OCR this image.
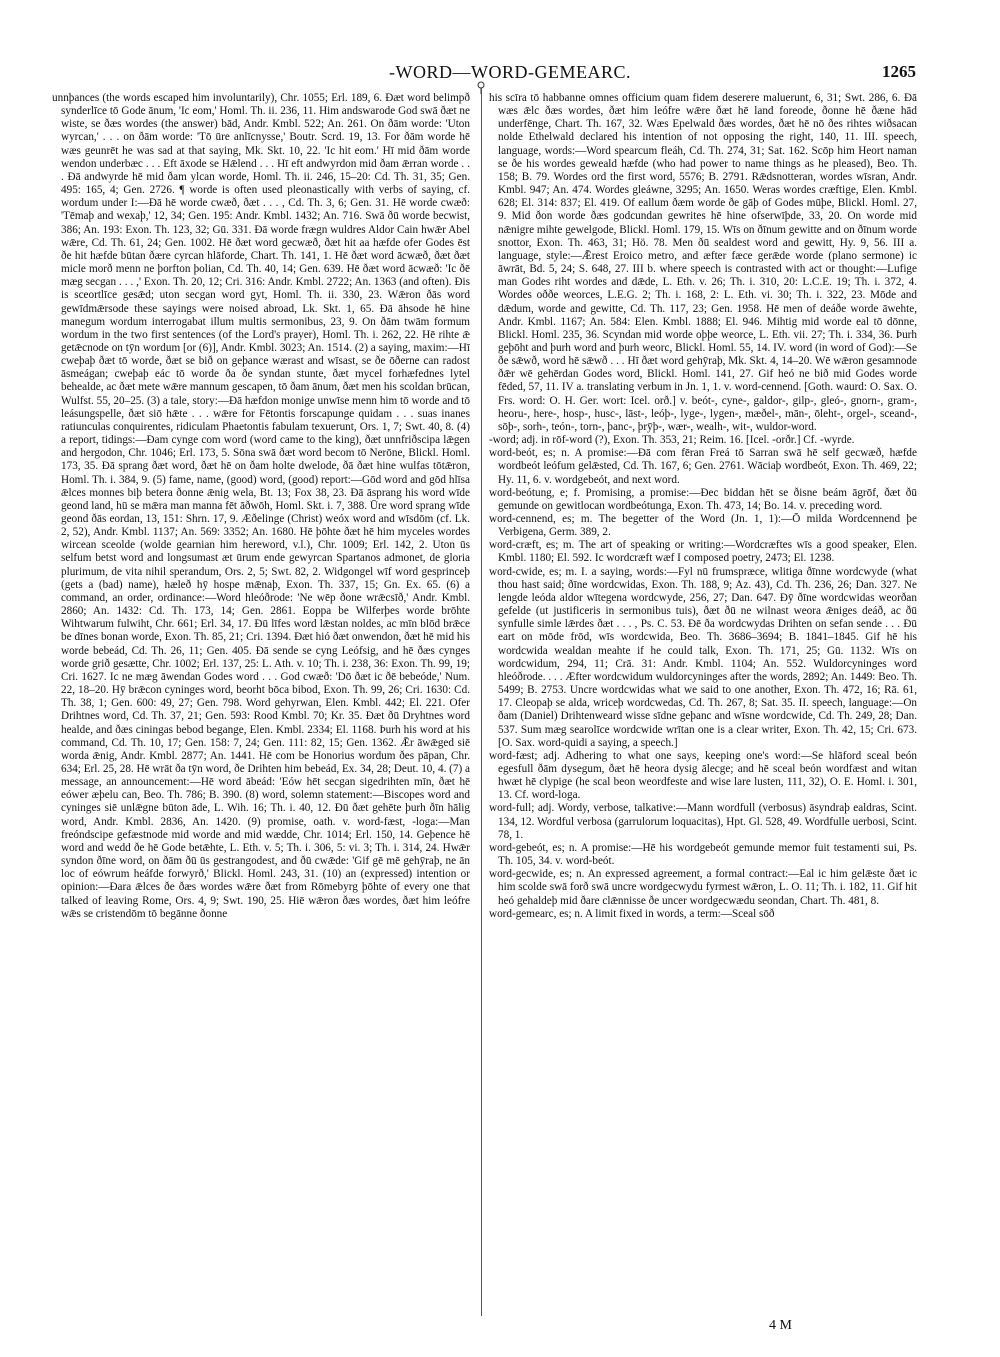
-WORD—WORD-GEMEARC.	1265

unnþances (the words escaped him involuntarily), Chr. 1055; Erl. 189, 6. Ðæt word belimpð synderlīce tō Gode ānum, 'Ic eom,' Homl. Th. ii. 236, 11. Him andswarode God swā ðæt ne wiste, se ðæs wordes (the answer) bād, Andr. Kmbl. 522; An. 261. On ðām worde: 'Uton wyrcan,' . . . on ðām worde: 'Tō ūre anlīcnysse,' Boutr. Scrd. 19, 13. For ðām worde hē wæs geunrēt he was sad at that saying, Mk. Skt. 10, 22. 'Ic hit eom.' Hī mid ðām worde wendon underbæc . . . Eft āxode se Hǣlend . . . Hī eft andwyrdon mid ðam ǣrran worde . . . Ðā andwyrde hē mid ðam ylcan worde, Homl. Th. ii. 246, 15–20: Cd. Th. 31, 35; Gen. 495: 165, 4; Gen. 2726. ¶ worde is often used pleonastically with verbs of saying, cf. wordum under I:—Ðā hē worde cwæð, ðæt . . . , Cd. Th. 3, 6; Gen. 31. Hē worde cwæð: 'Tēmaþ and wexaþ,' 12, 34; Gen. 195: Andr. Kmbl. 1432; An. 716. Swā ðū worde becwist, 386; An. 193: Exon. Th. 123, 32; Gū. 331. Ðā worde frægn wuldres Aldor Cain hwǣr Abel wǣre, Cd. Th. 61, 24; Gen. 1002. Hē ðæt word gecwæð, ðæt hit aa hæfde ofer Godes ēst ðe hit hæfde būtan ðære cyrcan hlāforde, Chart. Th. 141, 1. Hē ðæt word ācwæð, ðæt ðæt micle morð menn ne þorfton þolian, Cd. Th. 40, 14; Gen. 639. Hē ðæt word ācwæð: 'Ic ðē mæg secgan . . . ,' Exon. Th. 20, 12; Cri. 316: Andr. Kmbl. 2722; An. 1363 (and often). Ðis is sceortlīce gesǣd; uton secgan word gyt, Homl. Th. ii. 330, 23. Wǣron ðās word gewīdmǣrsode these sayings were noised abroad, Lk. Skt. 1, 65. Ðā āhsode hē hine manegum wordum interrogabat illum multis sermonibus, 23, 9. On ðām twām formum wordum in the two first sentences (of the Lord's prayer), Homl. Th. i. 262, 22. Hē rihte ǣ getǣcnode on tȳn wordum [or (6)], Andr. Kmbl. 3023; An. 1514. (2) a saying, maxim:—Hī cweþaþ ðæt tō worde, ðæt se bið on geþance wærast and wīsast, se ðe ōðerne can radost āsmeágan; cweþaþ eác tō worde ða ðe syndan stunte, ðæt mycel forhæfednes lytel behealde, ac ðæt mete wǣre mannum gescapen, tō ðam ānum, ðæt men his scoldan brūcan, Wulfst. 55, 20–25. (3) a tale, story:—Ðā hæfdon monige unwīse menn him tō worde and tō leásungspelle, ðæt siō hǣte . . . wǣre for Fētontis forscapunge quidam . . . suas inanes ratiunculas conquirentes, ridiculam Phaetontis fabulam texuerunt, Ors. 1, 7; Swt. 40, 8. (4) a report, tidings:—Ðam cynge com word (word came to the king), ðæt unnfriðscipa lǣgen and hergodon, Chr. 1046; Erl. 173, 5. Sōna swā ðæt word becom tō Nerōne, Blickl. Homl. 173, 35. Ðā sprang ðæt word, ðæt hē on ðam holte dwelode, ðā ðæt hine wulfas tōtǣron, Homl. Th. i. 384, 9. (5) fame, name, (good) word, (good) report:—Gōd word and gōd hlīsa ǣlces monnes biþ betera ðonne ǣnig wela, Bt. 13; Fox 38, 23. Ðā āsprang his word wīde geond land, hū se mǣra man manna fēt āðwōh, Homl. Skt. i. 7, 388. Ūre word sprang wīde geond ðās eordan, 13, 151: Shrn. 17, 9. Æðelinge (Christ) weóx word and wīsdōm (cf. Lk. 2, 52), Andr. Kmbl. 1137; An. 569: 3352; An. 1680. Hē þōhte ðæt hē him myceles wordes wircean sceolde (wolde gearnian him hereword, v.l.), Chr. 1009; Erl. 142, 2. Uton ūs selfum betst word and longsumast æt ūrum ende gewyrcan Spartanos admonet, de gloria plurimum, de vita nihil sperandum, Ors. 2, 5; Swt. 82, 2. Widgongel wīf word gesprinceþ (gets a (bad) name), hæleð hȳ hospe mǣnaþ, Exon. Th. 337, 15; Gn. Ex. 65. (6) a command, an order, ordinance:—Word hleóðrode: 'Ne wēp ðone wrǣcsīð,' Andr. Kmbl. 2860; An. 1432: Cd. Th. 173, 14; Gen. 2861. Eoppa be Wilferþes worde brōhte Wihtwarum fulwiht, Chr. 661; Erl. 34, 17. Ðū līfes word lǣstan noldes, ac mīn blōd brǣce be dīnes bonan worde, Exon. Th. 85, 21; Cri. 1394. Ðæt hió ðæt onwendon, ðæt hē mid his worde bebeád, Cd. Th. 26, 11; Gen. 405. Ðā sende se cyng Leófsig, and hē ðæs cynges worde grið gesætte, Chr. 1002; Erl. 137, 25: L. Ath. v. 10; Th. i. 238, 36: Exon. Th. 99, 19; Cri. 1627. Ic ne mæg āwendan Godes word . . . God cwæð: 'Dō ðæt ic ðē bebeóde,' Num. 22, 18–20. Hȳ brǣcon cyninges word, beorht bōca bibod, Exon. Th. 99, 26; Cri. 1630: Cd. Th. 38, 1; Gen. 600: 49, 27; Gen. 798. Word gehyrwan, Elen. Kmbl. 442; El. 221. Ofer Drihtnes word, Cd. Th. 37, 21; Gen. 593: Rood Kmbl. 70; Kr. 35. Ðæt ðū Dryhtnes word healde, and ðæs ciningas bebod begange, Elen. Kmbl. 2334; El. 1168. Þurh his word at his command, Cd. Th. 10, 17; Gen. 158: 7, 24; Gen. 111: 82, 15; Gen. 1362. Ǣr āwǣged siē worda ǣnig, Andr. Kmbl. 2877; An. 1441. Hē com be Honorius wordum ðes pāpan, Chr. 634; Erl. 25, 28. Hē wrāt ða tȳn word, ðe Drihten him bebeád, Ex. 34, 28; Deut. 10, 4. (7) a message, an announcement:—Hē word ābeád: 'Eów hēt secgan sigedrihten mīn, ðæt hē eówer æþelu can, Beo. Th. 786; B. 390. (8) word, solemn statement:—Biscopes word and cyninges siē unlǣgne būton āde, L. Wih. 16; Th. i. 40, 12. Ðū ðæt gehēte þurh ðīn hālig word, Andr. Kmbl. 2836, An. 1420. (9) promise, oath. v. word-fæst, -loga:—Man freóndscipe gefæstnode mid worde and mid wædde, Chr. 1014; Erl. 150, 14. Geþence hē word and wedd ðe hē Gode betǣhte, L. Eth. v. 5; Th. i. 306, 5: vi. 3; Th. i. 314, 24. Hwǣr syndon ðīne word, on ðām ðū ūs gestrangodest, and ðū cwǣde: 'Gif gē mē gehȳraþ, ne ān loc of eówrum heáfde forwyrð,' Blickl. Homl. 243, 31. (10) an (expressed) intention or opinion:—Ðara ǣlces ðe ðæs wordes wǣre ðæt from Rōmebyrg þōhte of every one that talked of leaving Rome, Ors. 4, 9; Swt. 190, 25. Hiē wǣron ðæs wordes, ðæt him leófre wǣs se cristendōm tō begānne ðonne

his scīra tō habbanne omnes officium quam fidem deserere maluerunt, 6, 31; Swt. 286, 6. Ðā wæs ǣlc ðæs wordes, ðæt him leófre wǣre ðæt hē land foreode, ðonne hē ðæne hād underfēnge, Chart. Th. 167, 32. Wæs Epelwald ðæs wordes, ðæt hē nō ðes rihtes wiðsacan nolde Ethelwald declared his intention of not opposing the right, 140, 11. III. speech, language, words:—Word spearcum fleáh, Cd. Th. 274, 31; Sat. 162. Scōp him Heort naman se ðe his wordes geweald hæfde (who had power to name things as he pleased), Beo. Th. 158; B. 79. Wordes ord the first word, 5576; B. 2791. Rǣdsnotteran, wordes wīsran, Andr. Kmbl. 947; An. 474. Wordes gleáwne, 3295; An. 1650. Weras wordes cræftige, Elen. Kmbl. 628; El. 314: 837; El. 419. Of eallum ðæm worde ðe gāþ of Godes mūþe, Blickl. Homl. 27, 9. Mid ðon worde ðæs godcundan gewrites hē hine ofserwīþde, 33, 20. On worde mid nǣnigre mihte gewelgode, Blickl. Homl. 179, 15. Wīs on ðīnum gewitte and on ðīnum worde snottor, Exon. Th. 463, 31; Hö. 78. Men ðū sealdest word and gewitt, Hy. 9, 56. III a. language, style:—Ǣrest Eroico metro, and æfter fæce gerǣde worde (plano sermone) ic āwrāt, Bd. 5, 24; S. 648, 27. III b. where speech is contrasted with act or thought:—Lufige man Godes riht wordes and dǣde, L. Eth. v. 26; Th. i. 310, 20: L.C.E. 19; Th. i. 372, 4. Wordes oððe weorces, L.E.G. 2; Th. i. 168, 2: L. Eth. vi. 30; Th. i. 322, 23. Mōde and dǣdum, worde and gewitte, Cd. Th. 117, 23; Gen. 1958. Hē men of deáðe worde āwehte, Andr. Kmbl. 1167; An. 584: Elen. Kmbl. 1888; El. 946. Mihtig mid worde eal tō dōnne, Blickl. Homl. 235, 36. Scyndan mid worde oþþe weorce, L. Eth. vii. 27; Th. i. 334, 36. Þurh geþōht and þurh word and þurh weorc, Blickl. Homl. 55, 14. IV. word (in word of God):—Se ðe sǣwð, word hē sǣwð . . . Hī ðæt word gehȳraþ, Mk. Skt. 4, 14–20. Wē wǣron gesamnode ðǣr wē gehērdan Godes word, Blickl. Homl. 141, 27. Gif heó ne bið mid Godes worde fēded, 57, 11. IV a. translating verbum in Jn. 1, 1. v. word-cennend. [Goth. waurd: O. Sax. O. Frs. word: O. H. Ger. wort: Icel. orð.] v. beót-, cyne-, galdor-, gilp-, gleó-, gnorn-, gram-, heoru-, here-, hosp-, husc-, lāst-, leóþ-, lyge-, lygen-, mæðel-, mān-, ōleht-, orgel-, sceand-, sōþ-, sorh-, teón-, torn-, þanc-, þrȳþ-, wær-, wealh-, wit-, wuldor-word.

-word; adj. in rōf-word (?), Exon. Th. 353, 21; Reim. 16. [Icel. -orðr.] Cf. -wyrde.

word-beót, es; n. A promise:—Ðā com fēran Freá tō Sarran swā hē self gecwæð, hæfde wordbeót leófum gelǣsted, Cd. Th. 167, 6; Gen. 2761. Wāciaþ wordbeót, Exon. Th. 469, 22; Hy. 11, 6. v. wordgebeót, and next word.

word-beótung, e; f. Promising, a promise:—Ðec biddan hēt se ðisne beám āgrōf, ðæt ðū gemunde on gewitlocan wordbeótunga, Exon. Th. 473, 14; Bo. 14. v. preceding word.

word-cennend, es; m. The begetter of the Word (Jn. 1, 1):—Ō milda Wordcennend þe Verbigena, Germ. 389, 2.

word-cræft, es; m. The art of speaking or writing:—Wordcræftes wīs a good speaker, Elen. Kmbl. 1180; El. 592. Ic wordcræft wæf I composed poetry, 2473; El. 1238.

word-cwide, es; m. I. a saying, words:—Fyl nū frumspræce, wlitiga ðīnne wordcwyde (what thou hast said; ðīne wordcwidas, Exon. Th. 188, 9; Az. 43), Cd. Th. 236, 26; Dan. 327. Ne lengde leóda aldor wītegena wordcwyde, 256, 27; Dan. 647. Ðȳ ðīne wordcwidas weorðan gefelde (ut justificeris in sermonibus tuis), ðæt ðū ne wilnast weora ǣniges deáð, ac ðū synfulle simle lǣrdes ðæt . . . , Ps. C. 53. Ðē ða wordcwydas Drihten on sefan sende . . . Ðū eart on mōde frōd, wīs wordcwida, Beo. Th. 3686–3694; B. 1841–1845. Gif hē his wordcwida wealdan meahte if he could talk, Exon. Th. 171, 25; Gū. 1132. Wīs on wordcwidum, 294, 11; Crā. 31: Andr. Kmbl. 1104; An. 552. Wuldorcyninges word hleóðrode. . . . Æfter wordcwidum wuldorcyninges after the words, 2892; An. 1449: Beo. Th. 5499; B. 2753. Uncre wordcwidas what we said to one another, Exon. Th. 472, 16; Rā. 61, 17. Cleopaþ se alda, wriceþ wordcwedas, Cd. Th. 267, 8; Sat. 35. II. speech, language:—On ðam (Daniel) Drihtenweard wisse sīdne geþanc and wīsne wordcwide, Cd. Th. 249, 28; Dan. 537. Sum mæg searolīce wordcwide wrītan one is a clear writer, Exon. Th. 42, 15; Cri. 673. [O. Sax. word-quidi a saying, a speech.]

word-fæst; adj. Adhering to what one says, keeping one's word:—Se hlāford sceal beón egesfull ðām dysegum, ðæt hē heora dysig ālecge; and hē sceal beón wordfæst and witan hwæt hē clypige (he scal beon weordfeste and wise lare lusten, 111, 32), O. E. Homl. i. 301, 13. Cf. word-loga.

word-full; adj. Wordy, verbose, talkative:—Mann wordfull (verbosus) āsyndraþ ealdras, Scint. 134, 12. Wordful verbosa (garrulorum loquacitas), Hpt. Gl. 528, 49. Wordfulle uerbosi, Scint. 78, 1.

word-gebeót, es; n. A promise:—Hē his wordgebeót gemunde memor fuit testamenti sui, Ps. Th. 105, 34. v. word-beót.

word-gecwide, es; n. An expressed agreement, a formal contract:—Eal ic him gelǣste ðæt ic him scolde swā forð swā uncre wordgecwydu fyrmest wǣron, L. O. 11; Th. i. 182, 11. Gif hit heó gehaldeþ mid ðare clǣnnisse ðe uncer wordgecwædu seondan, Chart. Th. 481, 8.

word-gemearc, es; n. A limit fixed in words, a term:—Sceal sōð

4 M
